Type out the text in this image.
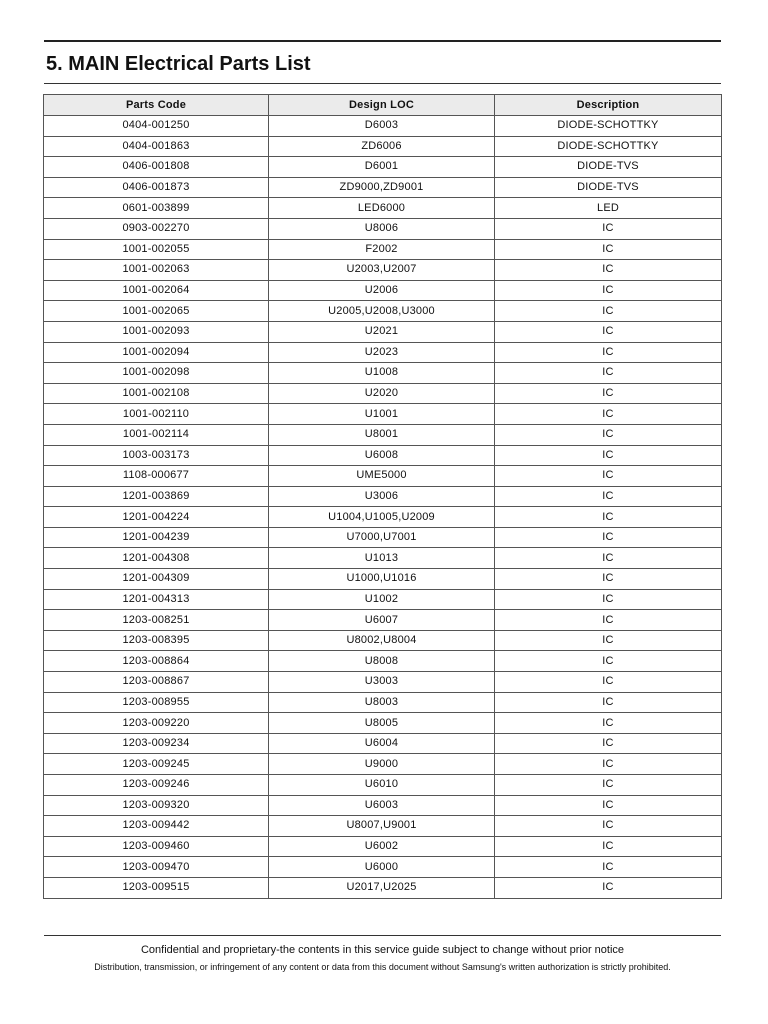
5. MAIN Electrical Parts List
Parts Code	Design LOC	Description
0404-001250	D6003	DIODE-SCHOTTKY
0404-001863	ZD6006	DIODE-SCHOTTKY
0406-001808	D6001	DIODE-TVS
0406-001873	ZD9000,ZD9001	DIODE-TVS
0601-003899	LED6000	LED
0903-002270	U8006	IC
1001-002055	F2002	IC
1001-002063	U2003,U2007	IC
1001-002064	U2006	IC
1001-002065	U2005,U2008,U3000	IC
1001-002093	U2021	IC
1001-002094	U2023	IC
1001-002098	U1008	IC
1001-002108	U2020	IC
1001-002110	U1001	IC
1001-002114	U8001	IC
1003-003173	U6008	IC
1108-000677	UME5000	IC
1201-003869	U3006	IC
1201-004224	U1004,U1005,U2009	IC
1201-004239	U7000,U7001	IC
1201-004308	U1013	IC
1201-004309	U1000,U1016	IC
1201-004313	U1002	IC
1203-008251	U6007	IC
1203-008395	U8002,U8004	IC
1203-008864	U8008	IC
1203-008867	U3003	IC
1203-008955	U8003	IC
1203-009220	U8005	IC
1203-009234	U6004	IC
1203-009245	U9000	IC
1203-009246	U6010	IC
1203-009320	U6003	IC
1203-009442	U8007,U9001	IC
1203-009460	U6002	IC
1203-009470	U6000	IC
1203-009515	U2017,U2025	IC
Confidential and proprietary-the contents in this service guide subject to change without prior notice
Distribution, transmission, or infringement of any content or data from this document without Samsung's written authorization is strictly prohibited.
